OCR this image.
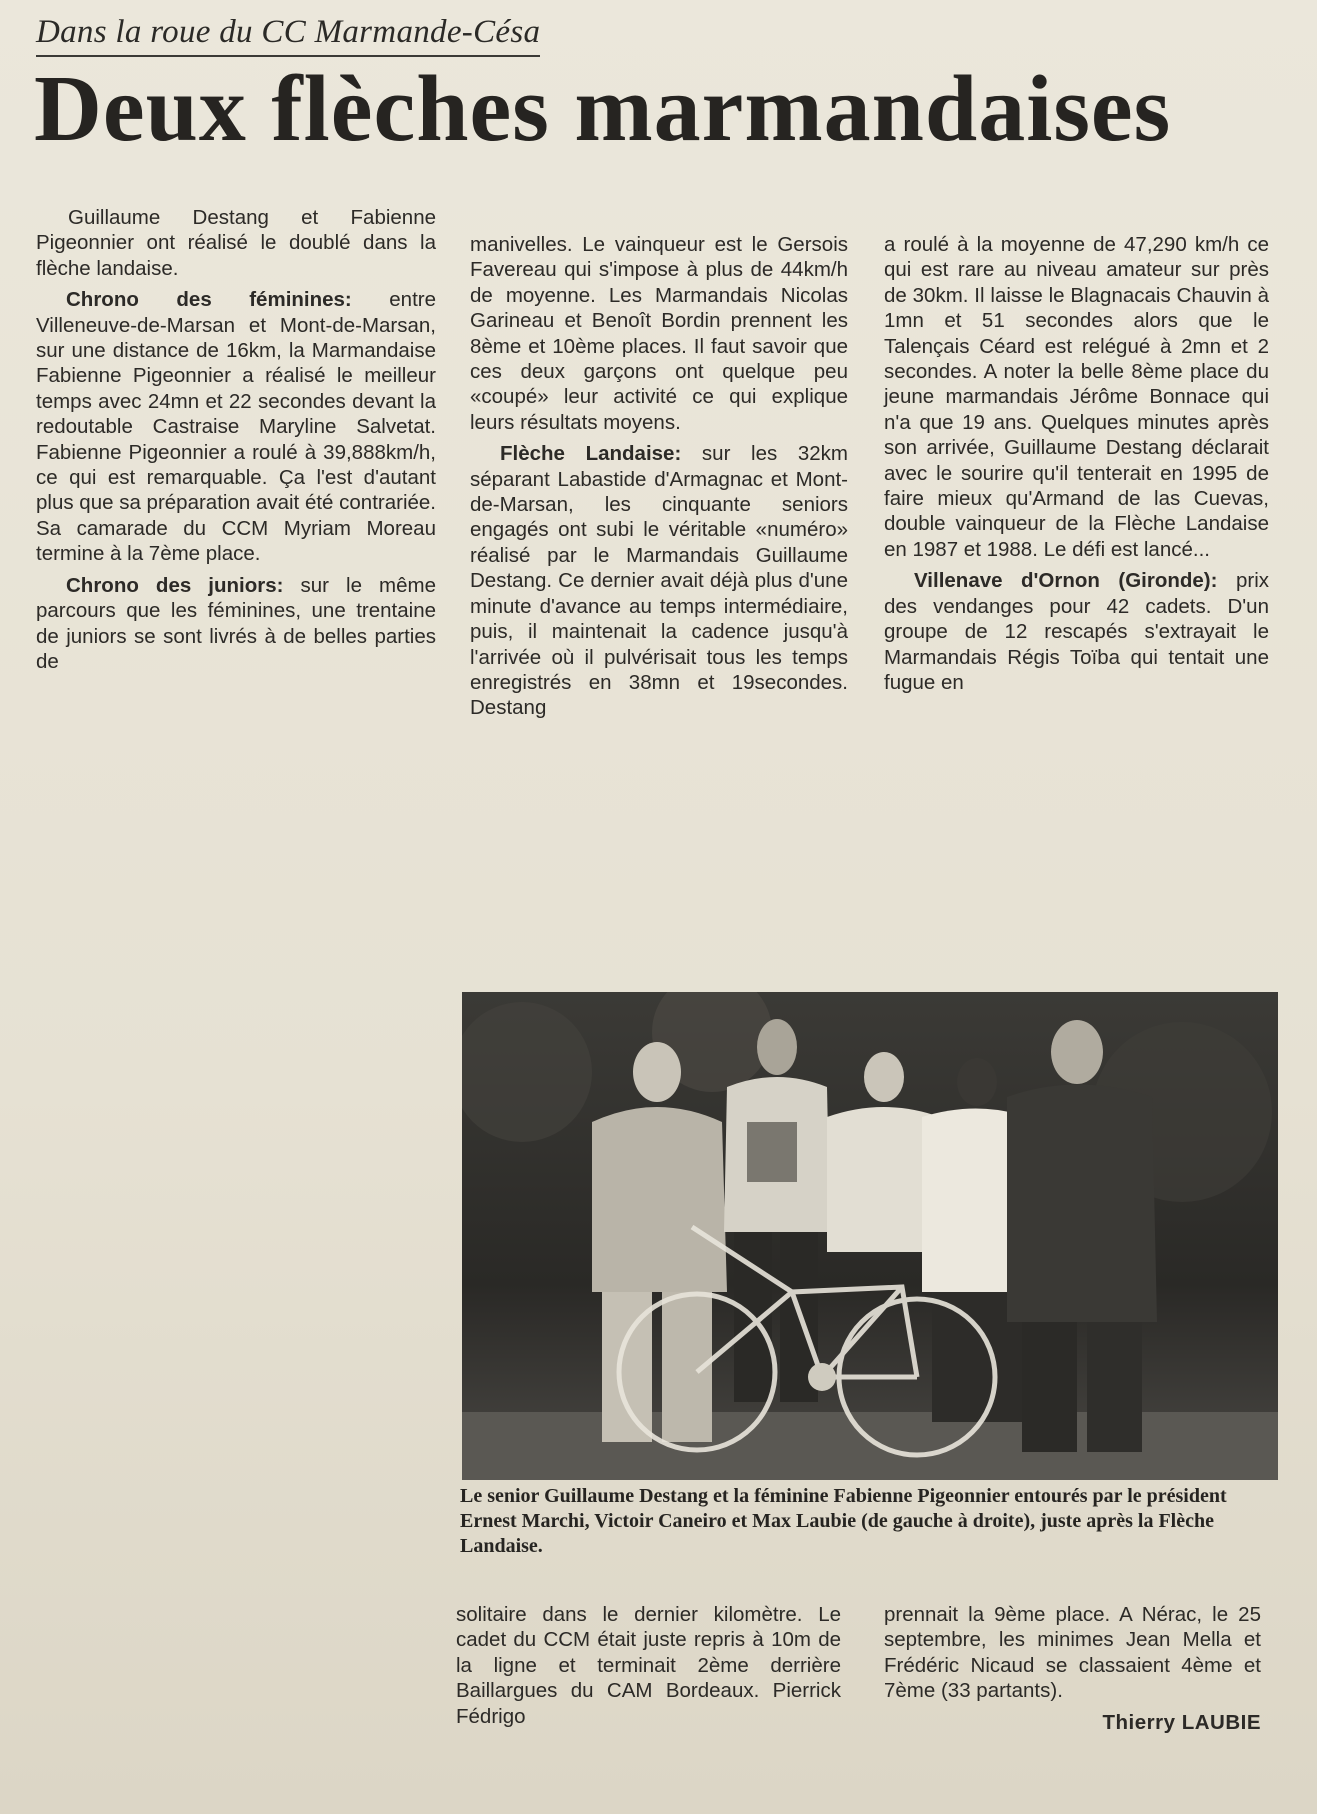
Dans la roue du CC Marmande-Césa
Deux flèches marmandaises

Guillaume Destang et Fabienne Pigeonnier ont réalisé le doublé dans la flèche landaise.

Chrono des féminines: entre Villeneuve-de-Marsan et Mont-de-Marsan, sur une distance de 16km, la Marmandaise Fabienne Pigeonnier a réalisé le meilleur temps avec 24mn et 22 secondes devant la redoutable Castraise Maryline Salvetat. Fabienne Pigeonnier a roulé à 39,888km/h, ce qui est remarquable. Ça l'est d'autant plus que sa préparation avait été contrariée. Sa camarade du CCM Myriam Moreau termine à la 7ème place.

Chrono des juniors: sur le même parcours que les féminines, une trentaine de juniors se sont livrés à de belles parties de

manivelles. Le vainqueur est le Gersois Favereau qui s'impose à plus de 44km/h de moyenne. Les Marmandais Nicolas Garineau et Benoît Bordin prennent les 8ème et 10ème places. Il faut savoir que ces deux garçons ont quelque peu «coupé» leur activité ce qui explique leurs résultats moyens.

Flèche Landaise: sur les 32km séparant Labastide d'Armagnac et Mont-de-Marsan, les cinquante seniors engagés ont subi le véritable «numéro» réalisé par le Marmandais Guillaume Destang. Ce dernier avait déjà plus d'une minute d'avance au temps intermédiaire, puis, il maintenait la cadence jusqu'à l'arrivée où il pulvérisait tous les temps enregistrés en 38mn et 19secondes. Destang

a roulé à la moyenne de 47,290 km/h ce qui est rare au niveau amateur sur près de 30km. Il laisse le Blagnacais Chauvin à 1mn et 51 secondes alors que le Talençais Céard est relégué à 2mn et 2 secondes. A noter la belle 8ème place du jeune marmandais Jérôme Bonnace qui n'a que 19 ans. Quelques minutes après son arrivée, Guillaume Destang déclarait avec le sourire qu'il tenterait en 1995 de faire mieux qu'Armand de las Cuevas, double vainqueur de la Flèche Landaise en 1987 et 1988. Le défi est lancé...

Villenave d'Ornon (Gironde): prix des vendanges pour 42 cadets. D'un groupe de 12 rescapés s'extrayait le Marmandais Régis Toïba qui tentait une fugue en

Le senior Guillaume Destang et la féminine Fabienne Pigeonnier entourés par le président Ernest Marchi, Victoir Caneiro et Max Laubie (de gauche à droite), juste après la Flèche Landaise.

solitaire dans le dernier kilomètre. Le cadet du CCM était juste repris à 10m de la ligne et terminait 2ème derrière Baillargues du CAM Bordeaux. Pierrick Fédrigo

prennait la 9ème place. A Nérac, le 25 septembre, les minimes Jean Mella et Frédéric Nicaud se classaient 4ème et 7ème (33 partants).

Thierry LAUBIE
